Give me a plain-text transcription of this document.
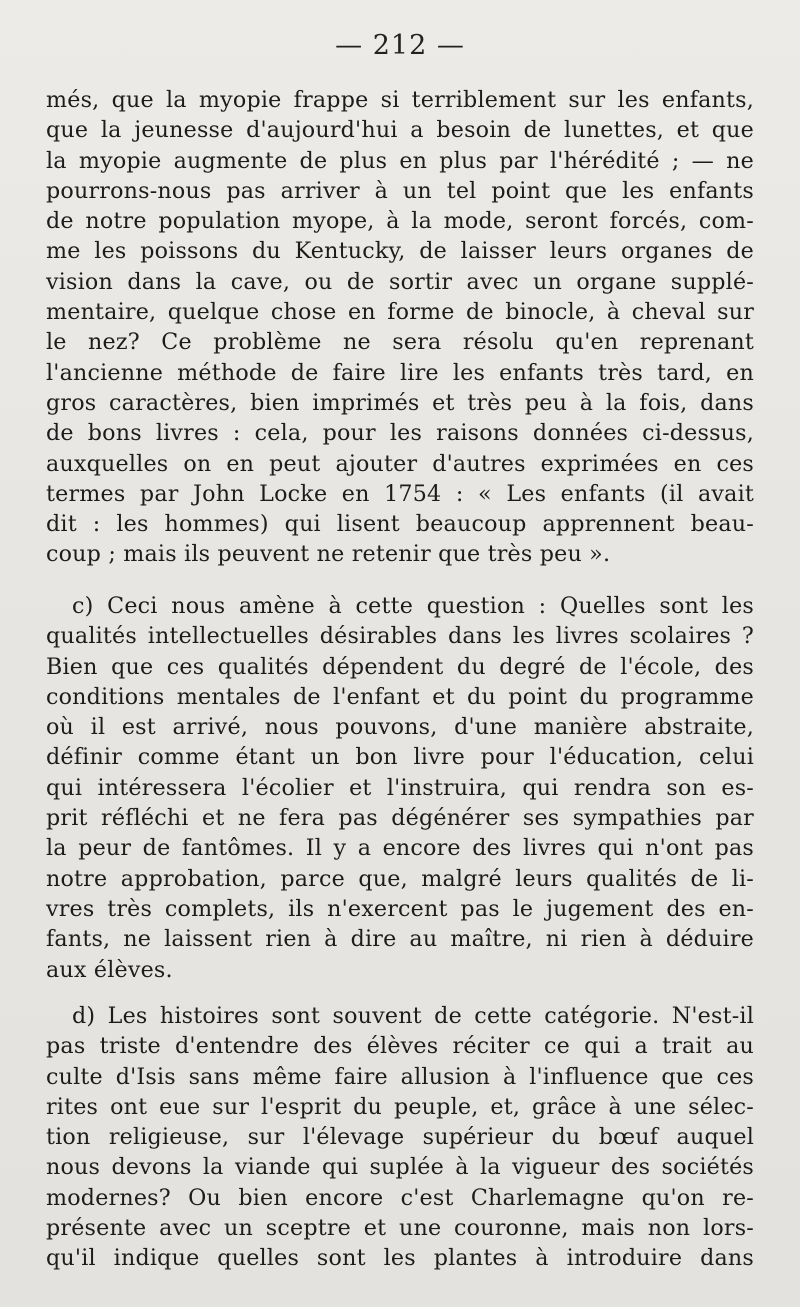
— 212 —
més, que la myopie frappe si terriblement sur les enfants,
que la jeunesse d'aujourd'hui a besoin de lunettes, et que
la myopie augmente de plus en plus par l'hérédité ; — ne
pourrons-nous pas arriver à un tel point que les enfants
de notre population myope, à la mode, seront forcés, com-
me les poissons du Kentucky, de laisser leurs organes de
vision dans la cave, ou de sortir avec un organe supplé-
mentaire, quelque chose en forme de binocle, à cheval sur
le nez? Ce problème ne sera résolu qu'en reprenant
l'ancienne méthode de faire lire les enfants très tard, en
gros caractères, bien imprimés et très peu à la fois, dans
de bons livres : cela, pour les raisons données ci-dessus,
auxquelles on en peut ajouter d'autres exprimées en ces
termes par John Locke en 1754 : « Les enfants (il avait
dit : les hommes) qui lisent beaucoup apprennent beau-
coup ; mais ils peuvent ne retenir que très peu ».
c) Ceci nous amène à cette question : Quelles sont les
qualités intellectuelles désirables dans les livres scolaires ?
Bien que ces qualités dépendent du degré de l'école, des
conditions mentales de l'enfant et du point du programme
où il est arrivé, nous pouvons, d'une manière abstraite,
définir comme étant un bon livre pour l'éducation, celui
qui intéressera l'écolier et l'instruira, qui rendra son es-
prit réfléchi et ne fera pas dégénérer ses sympathies par
la peur de fantômes. Il y a encore des livres qui n'ont pas
notre approbation, parce que, malgré leurs qualités de li-
vres très complets, ils n'exercent pas le jugement des en-
fants, ne laissent rien à dire au maître, ni rien à déduire
aux élèves.
d) Les histoires sont souvent de cette catégorie. N'est-il
pas triste d'entendre des élèves réciter ce qui a trait au
culte d'Isis sans même faire allusion à l'influence que ces
rites ont eue sur l'esprit du peuple, et, grâce à une sélec-
tion religieuse, sur l'élevage supérieur du bœuf auquel
nous devons la viande qui suplée à la vigueur des sociétés
modernes? Ou bien encore c'est Charlemagne qu'on re-
présente avec un sceptre et une couronne, mais non lors-
qu'il indique quelles sont les plantes à introduire dans
